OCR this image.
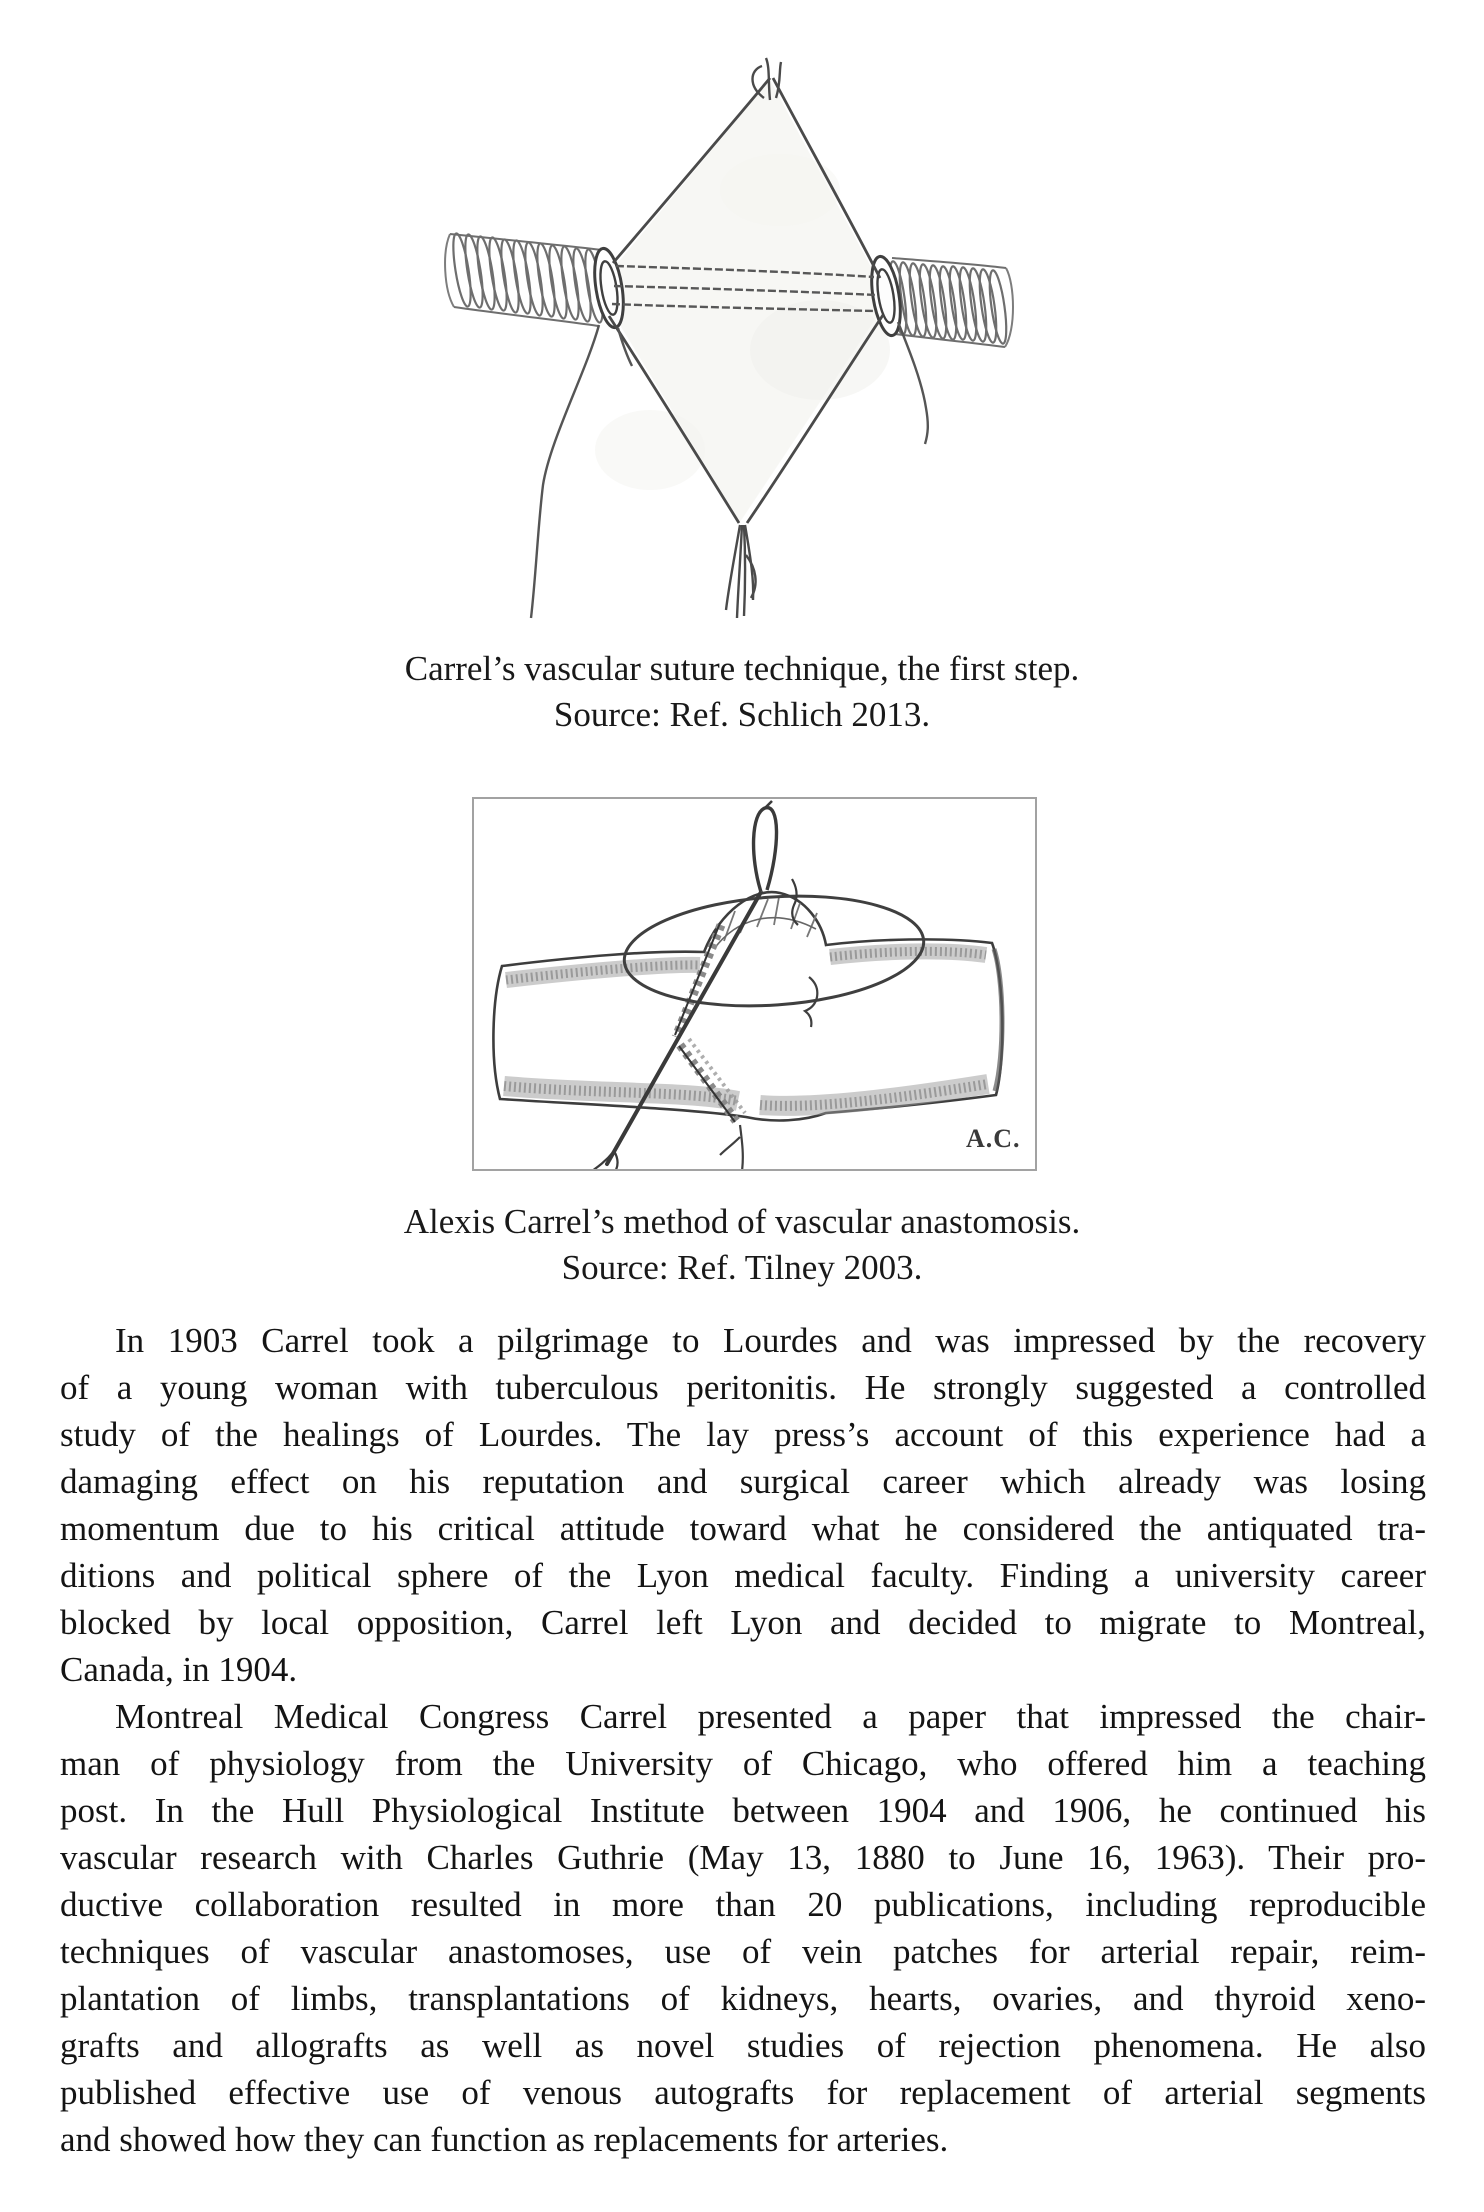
Carrel’s vascular suture technique, the first step.
Source: Ref. Schlich 2013.
A.C.
Alexis Carrel’s method of vascular anastomosis.
Source: Ref. Tilney 2003.
In 1903 Carrel took a pilgrimage to Lourdes and was impressed by the recovery
of a young woman with tuberculous peritonitis. He strongly suggested a controlled
study of the healings of Lourdes. The lay press’s account of this experience had a
damaging effect on his reputation and surgical career which already was losing
momentum due to his critical attitude toward what he considered the antiquated tra-
ditions and political sphere of the Lyon medical faculty. Finding a university career
blocked by local opposition, Carrel left Lyon and decided to migrate to Montreal,
Canada, in 1904.
Montreal Medical Congress Carrel presented a paper that impressed the chair-
man of physiology from the University of Chicago, who offered him a teaching
post. In the Hull Physiological Institute between 1904 and 1906, he continued his
vascular research with Charles Guthrie (May 13, 1880 to June 16, 1963). Their pro-
ductive collaboration resulted in more than 20 publications, including reproducible
techniques of vascular anastomoses, use of vein patches for arterial repair, reim-
plantation of limbs, transplantations of kidneys, hearts, ovaries, and thyroid xeno-
grafts and allografts as well as novel studies of rejection phenomena. He also
published effective use of venous autografts for replacement of arterial segments
and showed how they can function as replacements for arteries.
